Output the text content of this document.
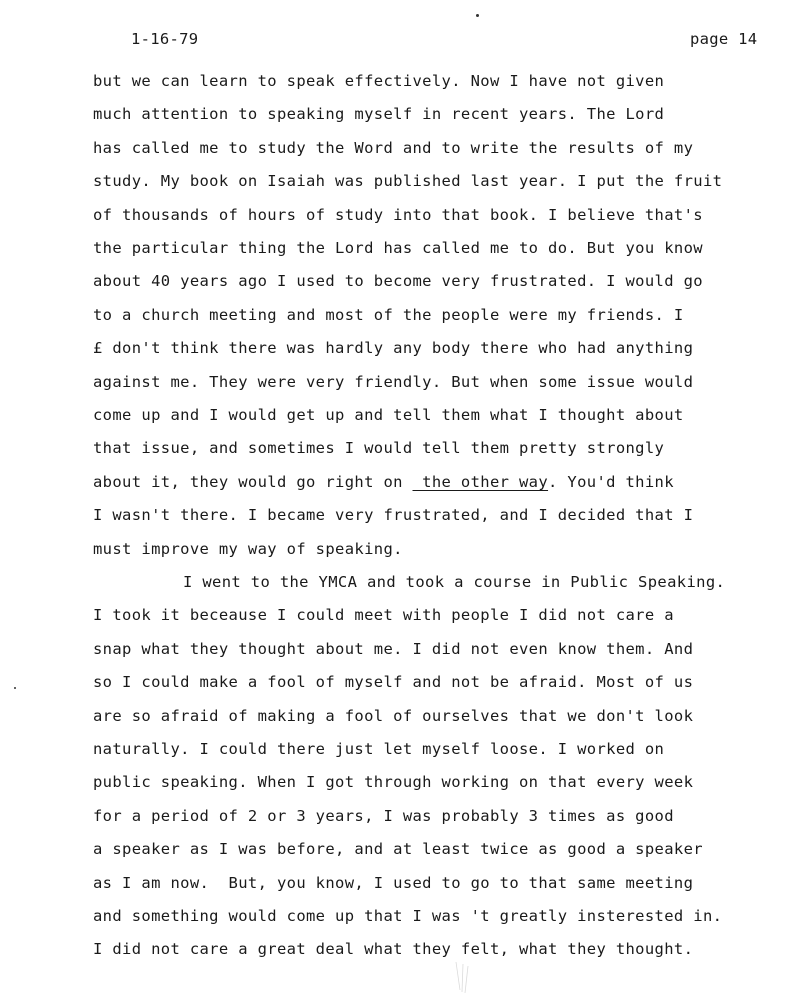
1-16-79	page 14
but we can learn to speak effectively. Now I have not given
much attention to speaking myself in recent years. The Lord
has called me to study the Word and to write the results of my
study. My book on Isaiah was published last year. I put the fruit
of thousands of hours of study into that book. I believe that's
the particular thing the Lord has called me to do. But you know
about 40 years ago I used to become very frustrated. I would go
to a church meeting and most of the people were my friends. I
£ don't think there was hardly any body there who had anything
against me. They were very friendly. But when some issue would
come up and I would get up and tell them what I thought about
that issue, and sometimes I would tell them pretty strongly
about it, they would go right on  the other way. You'd think
I wasn't there. I became very frustrated, and I decided that I
must improve my way of speaking.
I went to the YMCA and took a course in Public Speaking.
I took it beceause I could meet with people I did not care a
snap what they thought about me. I did not even know them. And
so I could make a fool of myself and not be afraid. Most of us
are so afraid of making a fool of ourselves that we don't look
naturally. I could there just let myself loose. I worked on
public speaking. When I got through working on that every week
for a period of 2 or 3 years, I was probably 3 times as good
a speaker as I was before, and at least twice as good a speaker
as I am now.  But, you know, I used to go to that same meeting
and something would come up that I was 't greatly insterested in.
I did not care a great deal what they felt, what they thought.
